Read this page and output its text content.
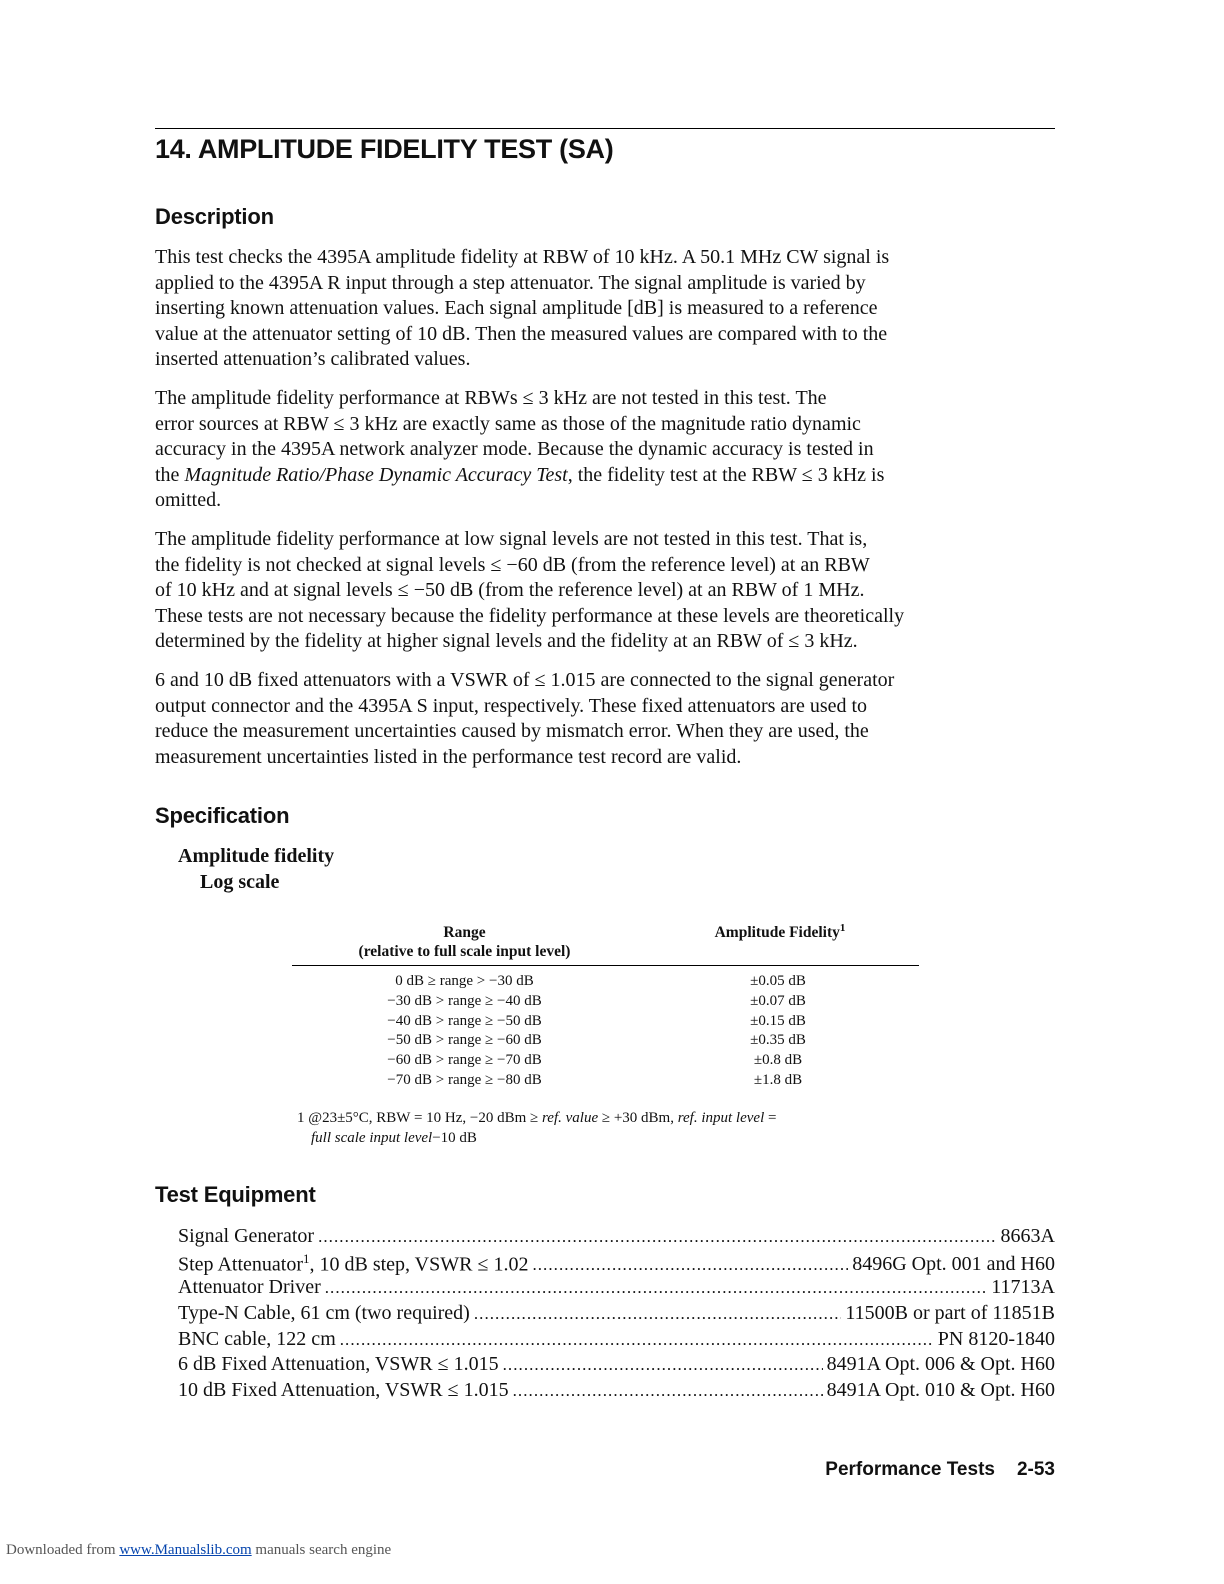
14. AMPLITUDE FIDELITY TEST (SA)
Description
This test checks the 4395A amplitude fidelity at RBW of 10 kHz. A 50.1 MHz CW signal is
applied to the 4395A R input through a step attenuator. The signal amplitude is varied by
inserting known attenuation values. Each signal amplitude [dB] is measured to a reference
value at the attenuator setting of 10 dB. Then the measured values are compared with to the
inserted attenuation’s calibrated values.
The amplitude fidelity performance at RBWs ≤ 3 kHz are not tested in this test. The
error sources at RBW ≤ 3 kHz are exactly same as those of the magnitude ratio dynamic
accuracy in the 4395A network analyzer mode. Because the dynamic accuracy is tested in
the Magnitude Ratio/Phase Dynamic Accuracy Test, the fidelity test at the RBW ≤ 3 kHz is
omitted.
The amplitude fidelity performance at low signal levels are not tested in this test. That is,
the fidelity is not checked at signal levels ≤ −60 dB (from the reference level) at an RBW
of 10 kHz and at signal levels ≤ −50 dB (from the reference level) at an RBW of 1 MHz.
These tests are not necessary because the fidelity performance at these levels are theoretically
determined by the fidelity at higher signal levels and the fidelity at an RBW of ≤ 3 kHz.
6 and 10 dB fixed attenuators with a VSWR of ≤ 1.015 are connected to the signal generator
output connector and the 4395A S input, respectively. These fixed attenuators are used to
reduce the measurement uncertainties caused by mismatch error. When they are used, the
measurement uncertainties listed in the performance test record are valid.
Specification
Amplitude fidelity
Log scale
Range
(relative to full scale input level)
Amplitude Fidelity$^1$
0 dB ≥ range > −30 dB	±0.05 dB
−30 dB > range ≥ −40 dB	±0.07 dB
−40 dB > range ≥ −50 dB	±0.15 dB
−50 dB > range ≥ −60 dB	±0.35 dB
−60 dB > range ≥ −70 dB	±0.8 dB
−70 dB > range ≥ −80 dB	±1.8 dB
1 @23±5°C, RBW = 10 Hz, −20 dBm ≥ ref. value ≥ +30 dBm, ref. input level =
full scale input level−10 dB
Test Equipment
Signal Generator . . .	8663A
Step Attenuator$^1$, 10 dB step, VSWR ≤ 1.02 . . .	8496G Opt. 001 and H60
Attenuator Driver . . .	11713A
Type-N Cable, 61 cm (two required) . . .	11500B or part of 11851B
BNC cable, 122 cm . . .	PN 8120-1840
6 dB Fixed Attenuation, VSWR ≤ 1.015 . . .	8491A Opt. 006 & Opt. H60
10 dB Fixed Attenuation, VSWR ≤ 1.015 . . .	8491A Opt. 010 & Opt. H60
Performance Tests 2-53
Downloaded from www.Manualslib.com manuals search engine
